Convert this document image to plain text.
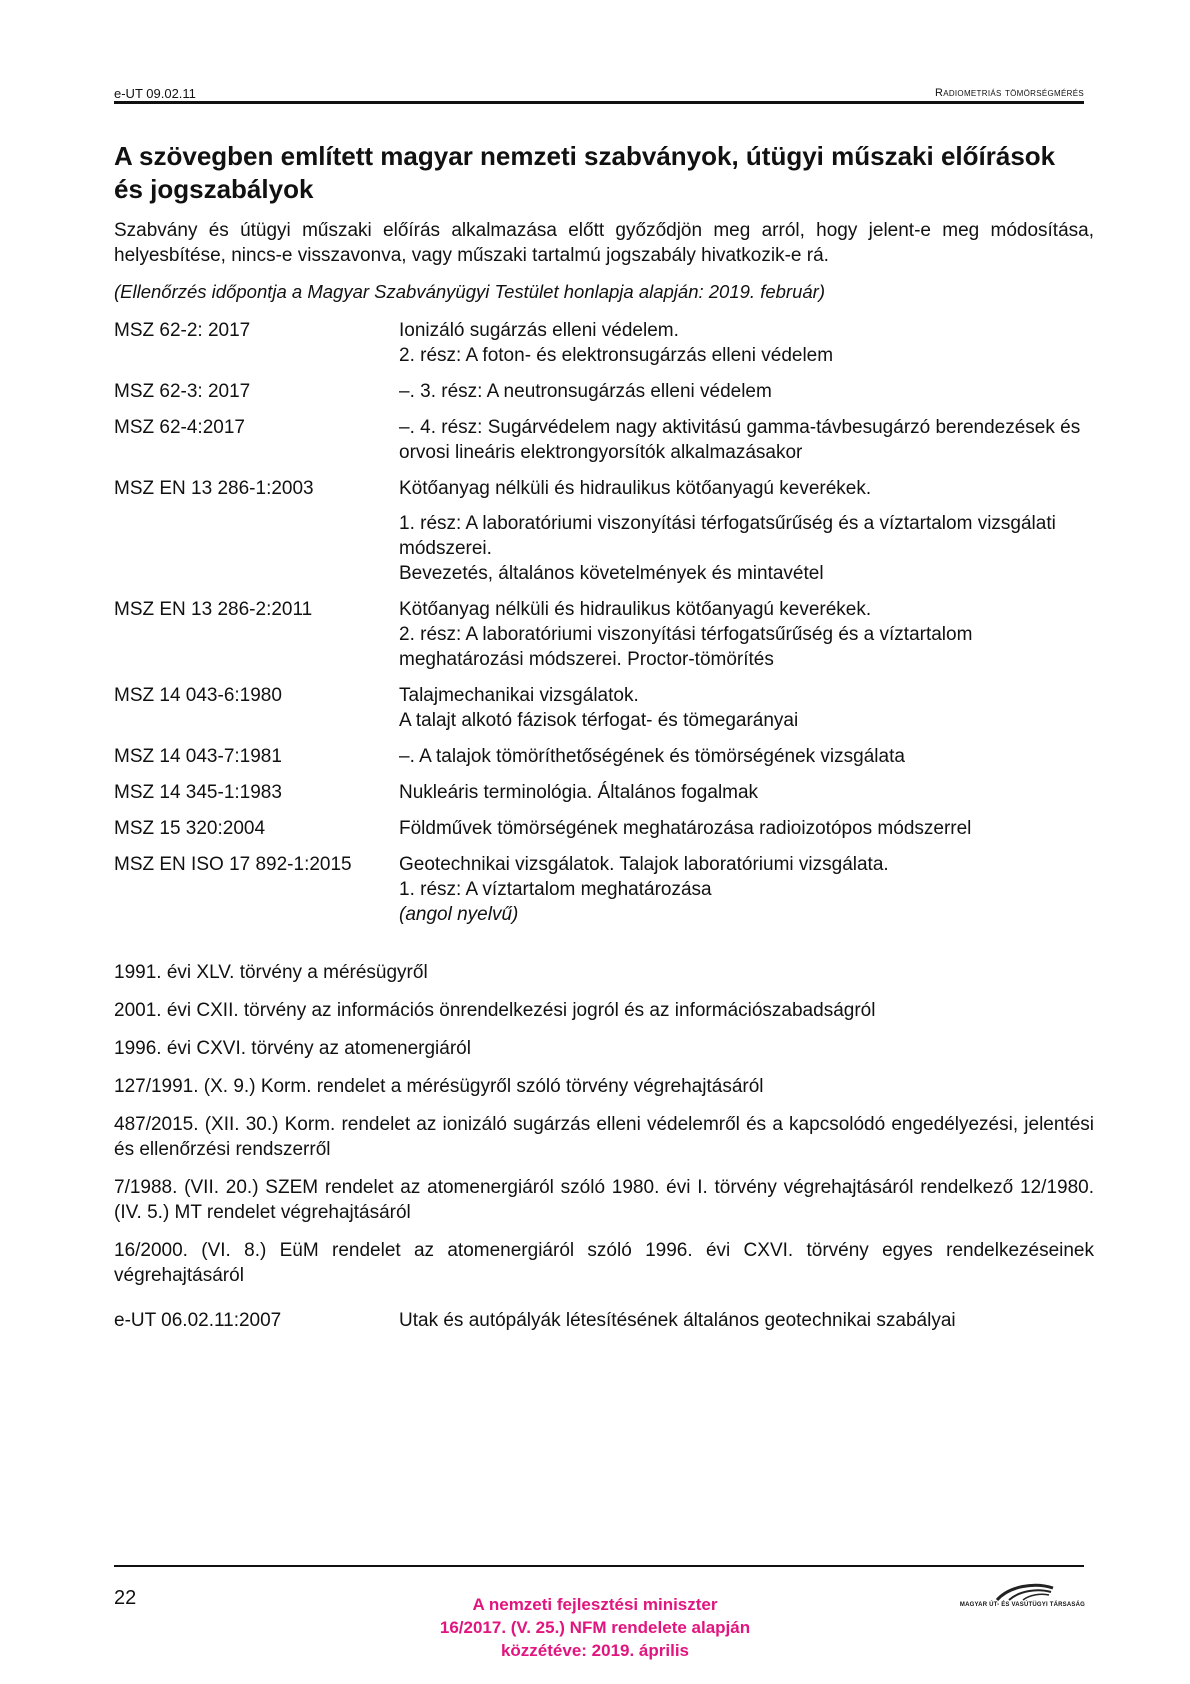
e-UT 09.02.11	Radiometriás tömörségmérés
A szövegben említett magyar nemzeti szabványok, útügyi műszaki előírások és jogszabályok

Szabvány és útügyi műszaki előírás alkalmazása előtt győződjön meg arról, hogy jelent-e meg módosítása, helyesbítése, nincs-e visszavonva, vagy műszaki tartalmú jogszabály hivatkozik-e rá.

(Ellenőrzés időpontja a Magyar Szabványügyi Testület honlapja alapján: 2019. február)

MSZ 62-2: 2017	Ionizáló sugárzás elleni védelem.
2. rész: A foton- és elektronsugárzás elleni védelem
MSZ 62-3: 2017	–. 3. rész: A neutronsugárzás elleni védelem
MSZ 62-4:2017	–. 4. rész: Sugárvédelem nagy aktivitású gamma-távbesugárzó berendezések és orvosi lineáris elektrongyorsítók alkalmazásakor
MSZ EN 13 286-1:2003	Kötőanyag nélküli és hidraulikus kötőanyagú keverékek.
1. rész: A laboratóriumi viszonyítási térfogatsűrűség és a víztartalom vizsgálati módszerei.
Bevezetés, általános követelmények és mintavétel
MSZ EN 13 286-2:2011	Kötőanyag nélküli és hidraulikus kötőanyagú keverékek.
2. rész: A laboratóriumi viszonyítási térfogatsűrűség és a víztartalom meghatározási módszerei. Proctor-tömörítés
MSZ 14 043-6:1980	Talajmechanikai vizsgálatok.
A talajt alkotó fázisok térfogat- és tömegarányai
MSZ 14 043-7:1981	–. A talajok tömöríthetőségének és tömörségének vizsgálata
MSZ 14 345-1:1983	Nukleáris terminológia. Általános fogalmak
MSZ 15 320:2004	Földművek tömörségének meghatározása radioizotópos módszerrel
MSZ EN ISO 17 892-1:2015	Geotechnikai vizsgálatok. Talajok laboratóriumi vizsgálata.
1. rész: A víztartalom meghatározása
(angol nyelvű)

1991. évi XLV. törvény a mérésügyről

2001. évi CXII. törvény az információs önrendelkezési jogról és az információszabadságról

1996. évi CXVI. törvény az atomenergiáról

127/1991. (X. 9.) Korm. rendelet a mérésügyről szóló törvény végrehajtásáról

487/2015. (XII. 30.) Korm. rendelet az ionizáló sugárzás elleni védelemről és a kapcsolódó engedélyezési, jelentési és ellenőrzési rendszerről

7/1988. (VII. 20.) SZEM rendelet az atomenergiáról szóló 1980. évi I. törvény végrehajtásáról rendelkező 12/1980. (IV. 5.) MT rendelet végrehajtásáról

16/2000. (VI. 8.) EüM rendelet az atomenergiáról szóló 1996. évi CXVI. törvény egyes rendelkezéseinek végrehajtásáról

e-UT 06.02.11:2007	Utak és autópályák létesítésének általános geotechnikai szabályai
22	A nemzeti fejlesztési miniszter
16/2017. (V. 25.) NFM rendelete alapján
közzétéve: 2019. április
MAGYAR ÚT- ÉS VASÚTÜGYI TÁRSASÁG
